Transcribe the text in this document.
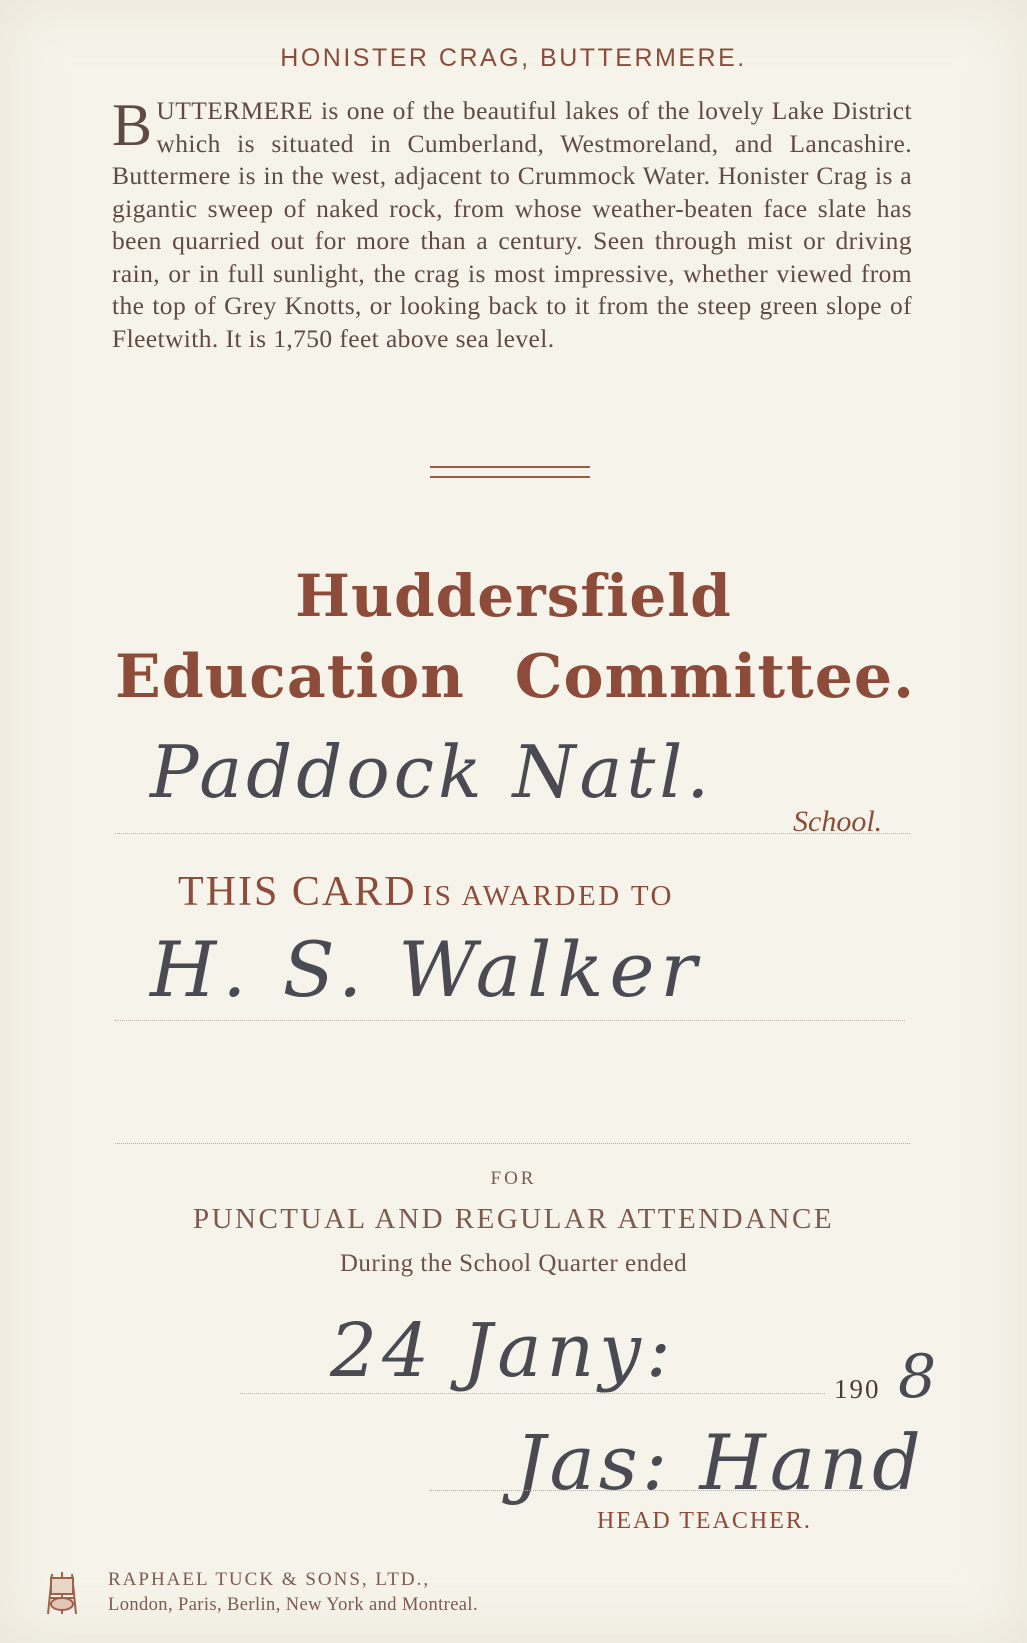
HONISTER CRAG, BUTTERMERE.
BUTTERMERE is one of the beautiful lakes of the lovely Lake District which is situated in Cumberland, Westmoreland, and Lancashire. Buttermere is in the west, adjacent to Crummock Water. Honister Crag is a gigantic sweep of naked rock, from whose weather-beaten face slate has been quarried out for more than a century. Seen through mist or driving rain, or in full sunlight, the crag is most impressive, whether viewed from the top of Grey Knotts, or looking back to it from the steep green slope of Fleetwith. It is 1,750 feet above sea level.
Huddersfield
Education Committee.
Paddock Natl.
School.
THIS CARD IS AWARDED TO
H. S. Walker
FOR
PUNCTUAL AND REGULAR ATTENDANCE
During the School Quarter ended
24 Jany:	190 8
Jas: Hand
HEAD TEACHER.
RAPHAEL TUCK & SONS, LTD.,
London, Paris, Berlin, New York and Montreal.
